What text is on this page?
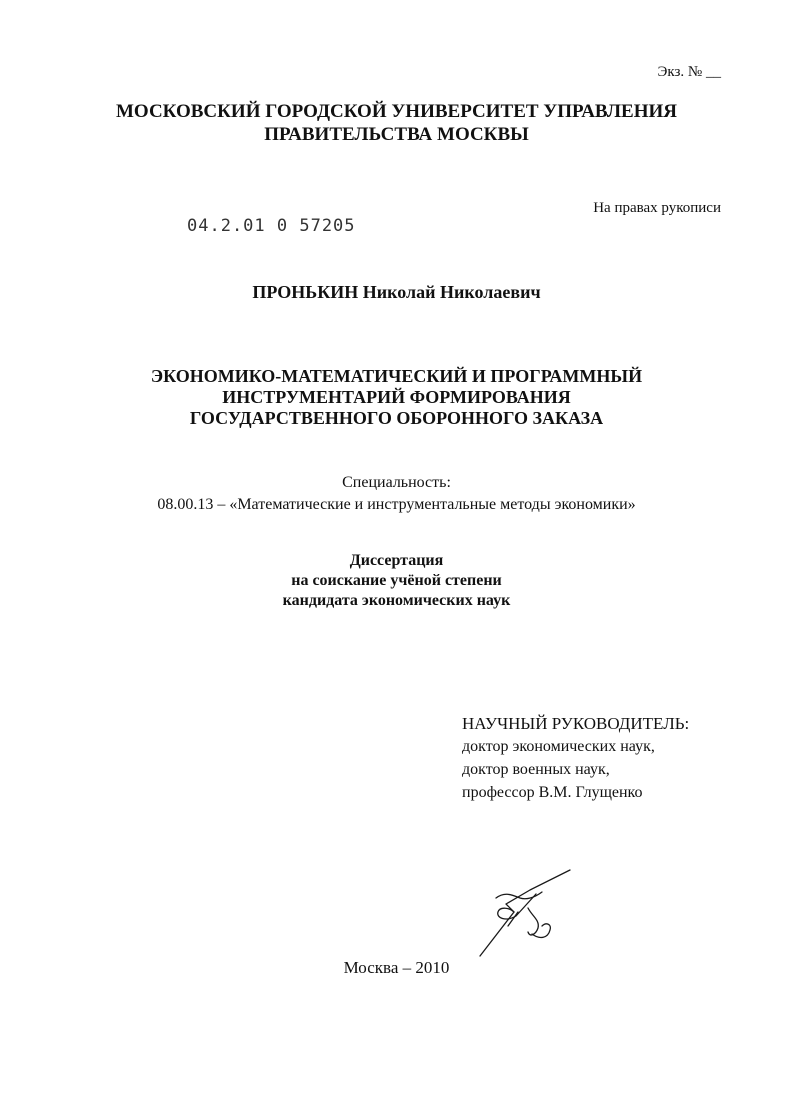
Экз. № __
МОСКОВСКИЙ ГОРОДСКОЙ УНИВЕРСИТЕТ УПРАВЛЕНИЯ
ПРАВИТЕЛЬСТВА МОСКВЫ
На правах рукописи
04.2.01 0 57205
ПРОНЬКИН Николай Николаевич
ЭКОНОМИКО-МАТЕМАТИЧЕСКИЙ И ПРОГРАММНЫЙ
ИНСТРУМЕНТАРИЙ ФОРМИРОВАНИЯ
ГОСУДАРСТВЕННОГО ОБОРОННОГО ЗАКАЗА
Специальность:
08.00.13 – «Математические и инструментальные методы экономики»
Диссертация
на соискание учёной степени
кандидата экономических наук
НАУЧНЫЙ РУКОВОДИТЕЛЬ:
доктор экономических наук,
доктор военных наук,
профессор В.М. Глущенко
Москва – 2010
